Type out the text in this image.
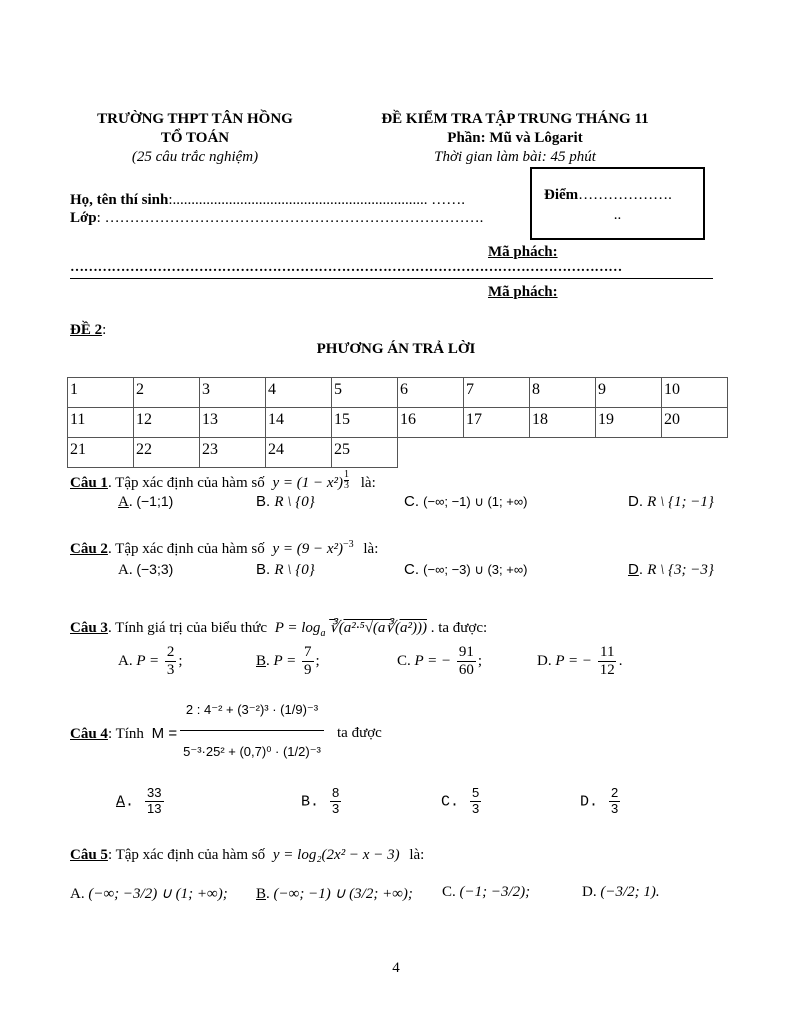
TRƯỜNG THPT TÂN HỒNG
TỔ TOÁN
(25 câu trắc nghiệm)
ĐỀ KIỂM TRA TẬP TRUNG THÁNG 11
Phần: Mũ và Lôgarit
Thời gian làm bài: 45 phút
Họ, tên thí sinh:.................................................................... …….
Lớp: ………………………………………………………………….
Điểm……………….
..
Mã phách:
…………………………………………………………………………………………………………
Mã phách:
ĐỀ 2:
PHƯƠNG ÁN TRẢ LỜI
1	2	3	4	5	6	7	8	9	10
11	12	13	14	15	16	17	18	19	20
21	22	23	24	25					
Câu 1. Tập xác định của hàm số $y = (1 - x^2) \frac{1}{3}$ là:
A. (−1;1)	B. R \ {0}	C. (−∞; −1) ∪ (1; +∞)	D. R \ {1; −1}
Câu 2. Tập xác định của hàm số $y = (9 - x^2)^{-3}$ là:
A. (−3;3)	B. R \ {0}	C. (−∞; −3) ∪ (3; +∞)	D. R \ {3; −3}
Câu 3. Tính giá trị của biểu thức $P = \log_a$ ∛(a²·⁵√(a∛(a²))) . ta được:
A. $P = \frac{2}{3}$ ;	B. $P = \frac{7}{9}$ ;	C. P = − $\frac{91}{60}$ ;	D. P = − $\frac{11}{12}$ .
Câu 4: Tính M =
2 : 4⁻² + (3⁻²)³ · (1/9)⁻³
5⁻³·25² + (0,7)⁰ · (1/2)⁻³
ta được
A. $\frac{33}{13}$	B. $\frac{8}{3}$	C. $\frac{5}{3}$	D. $\frac{2}{3}$
Câu 5: Tập xác định của hàm số y = log₂(2x² − x − 3) là:
A. (−∞; −3/2) ∪ (1; +∞); B. (−∞; −1) ∪ (3/2; +∞); C. (−1; −3/2);	D. (−3/2; 1).
4
